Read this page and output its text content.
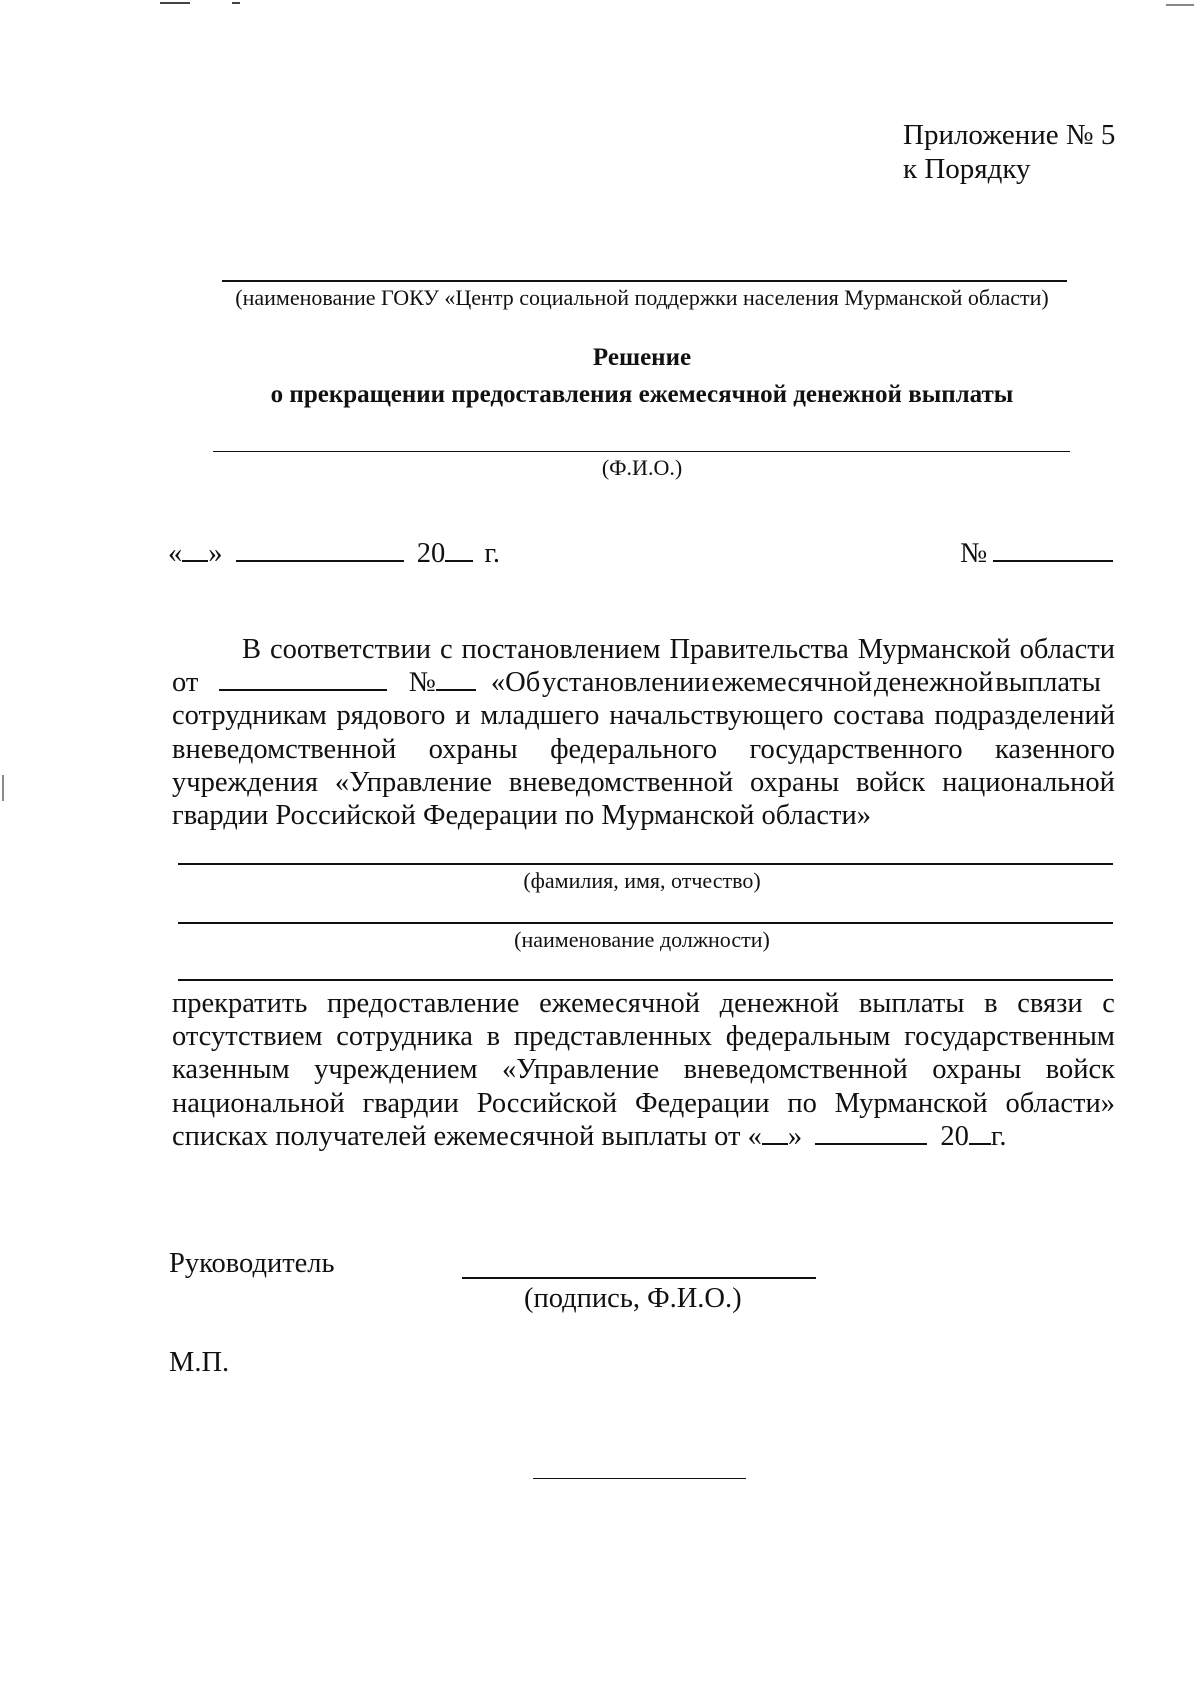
Приложение № 5
к Порядку
(наименование ГОКУ «Центр социальной поддержки населения Мурманской области)
Решение
о прекращении предоставления ежемесячной денежной выплаты
(Ф.И.О.)
« »	20 г.	№
В соответствии с постановлением Правительства Мурманской области
от	№ «Об установлении ежемесячной денежной выплаты
сотрудникам рядового и младшего начальствующего состава подразделений
вневедомственной охраны федерального государственного казенного
учреждения «Управление вневедомственной охраны войск национальной
гвардии Российской Федерации по Мурманской области»
(фамилия, имя, отчество)
(наименование должности)
прекратить предоставление ежемесячной денежной выплаты в связи с
отсутствием сотрудника в представленных федеральным государственным
казенным учреждением «Управление вневедомственной охраны войск
национальной гвардии Российской Федерации по Мурманской области»
списках получателей ежемесячной выплаты от « »	20 г.
Руководитель
(подпись, Ф.И.О.)
М.П.
